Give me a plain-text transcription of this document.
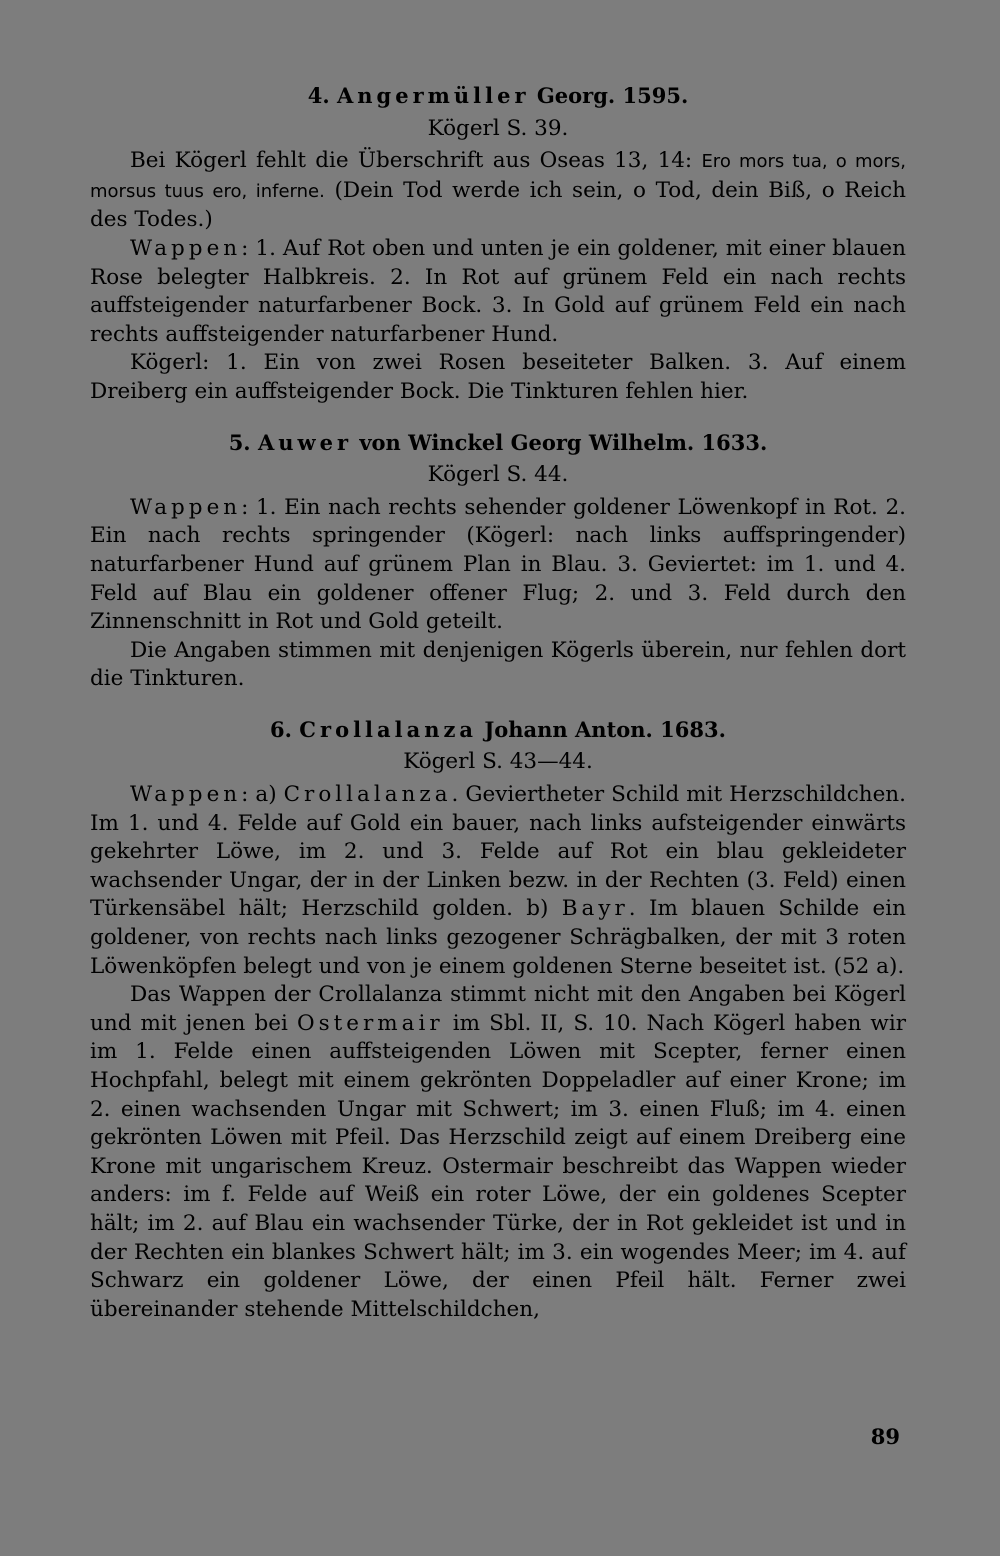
4. Angermüller Georg. 1595.
Kögerl S. 39.

Bei Kögerl fehlt die Überschrift aus Oseas 13, 14: Ero mors tua, o mors, morsus tuus ero, inferne. (Dein Tod werde ich sein, o Tod, dein Biß, o Reich des Todes.)

Wappen: 1. Auf Rot oben und unten je ein goldener, mit einer blauen Rose belegter Halbkreis. 2. In Rot auf grünem Feld ein nach rechts auffsteigender naturfarbener Bock. 3. In Gold auf grünem Feld ein nach rechts auffsteigender naturfarbener Hund.

Kögerl: 1. Ein von zwei Rosen beseiteter Balken. 3. Auf einem Dreiberg ein auffsteigender Bock. Die Tinkturen fehlen hier.

5. Auwer von Winckel Georg Wilhelm. 1633.
Kögerl S. 44.

Wappen: 1. Ein nach rechts sehender goldener Löwenkopf in Rot. 2. Ein nach rechts springender (Kögerl: nach links auffspringender) naturfarbener Hund auf grünem Plan in Blau. 3. Geviertet: im 1. und 4. Feld auf Blau ein goldener offener Flug; 2. und 3. Feld durch den Zinnenschnitt in Rot und Gold geteilt.

Die Angaben stimmen mit denjenigen Kögerls überein, nur fehlen dort die Tinkturen.

6. Crollalanza Johann Anton. 1683.
Kögerl S. 43—44.

Wappen: a) Crollalanza. Geviertheter Schild mit Herzschildchen. Im 1. und 4. Felde auf Gold ein bauer, nach links aufsteigender einwärts gekehrter Löwe, im 2. und 3. Felde auf Rot ein blau gekleideter wachsender Ungar, der in der Linken bezw. in der Rechten (3. Feld) einen Türkensäbel hält; Herzschild golden. b) Bayr. Im blauen Schilde ein goldener, von rechts nach links gezogener Schrägbalken, der mit 3 roten Löwenköpfen belegt und von je einem goldenen Sterne beseitet ist. (52 a).

Das Wappen der Crollalanza stimmt nicht mit den Angaben bei Kögerl und mit jenen bei Ostermair im Sbl. II, S. 10. Nach Kögerl haben wir im 1. Felde einen auffsteigenden Löwen mit Scepter, ferner einen Hochpfahl, belegt mit einem gekrönten Doppeladler auf einer Krone; im 2. einen wachsenden Ungar mit Schwert; im 3. einen Fluß; im 4. einen gekrönten Löwen mit Pfeil. Das Herzschild zeigt auf einem Dreiberg eine Krone mit ungarischem Kreuz. Ostermair beschreibt das Wappen wieder anders: im f. Felde auf Weiß ein roter Löwe, der ein goldenes Scepter hält; im 2. auf Blau ein wachsender Türke, der in Rot gekleidet ist und in der Rechten ein blankes Schwert hält; im 3. ein wogendes Meer; im 4. auf Schwarz ein goldener Löwe, der einen Pfeil hält. Ferner zwei übereinander stehende Mittelschildchen,

89
